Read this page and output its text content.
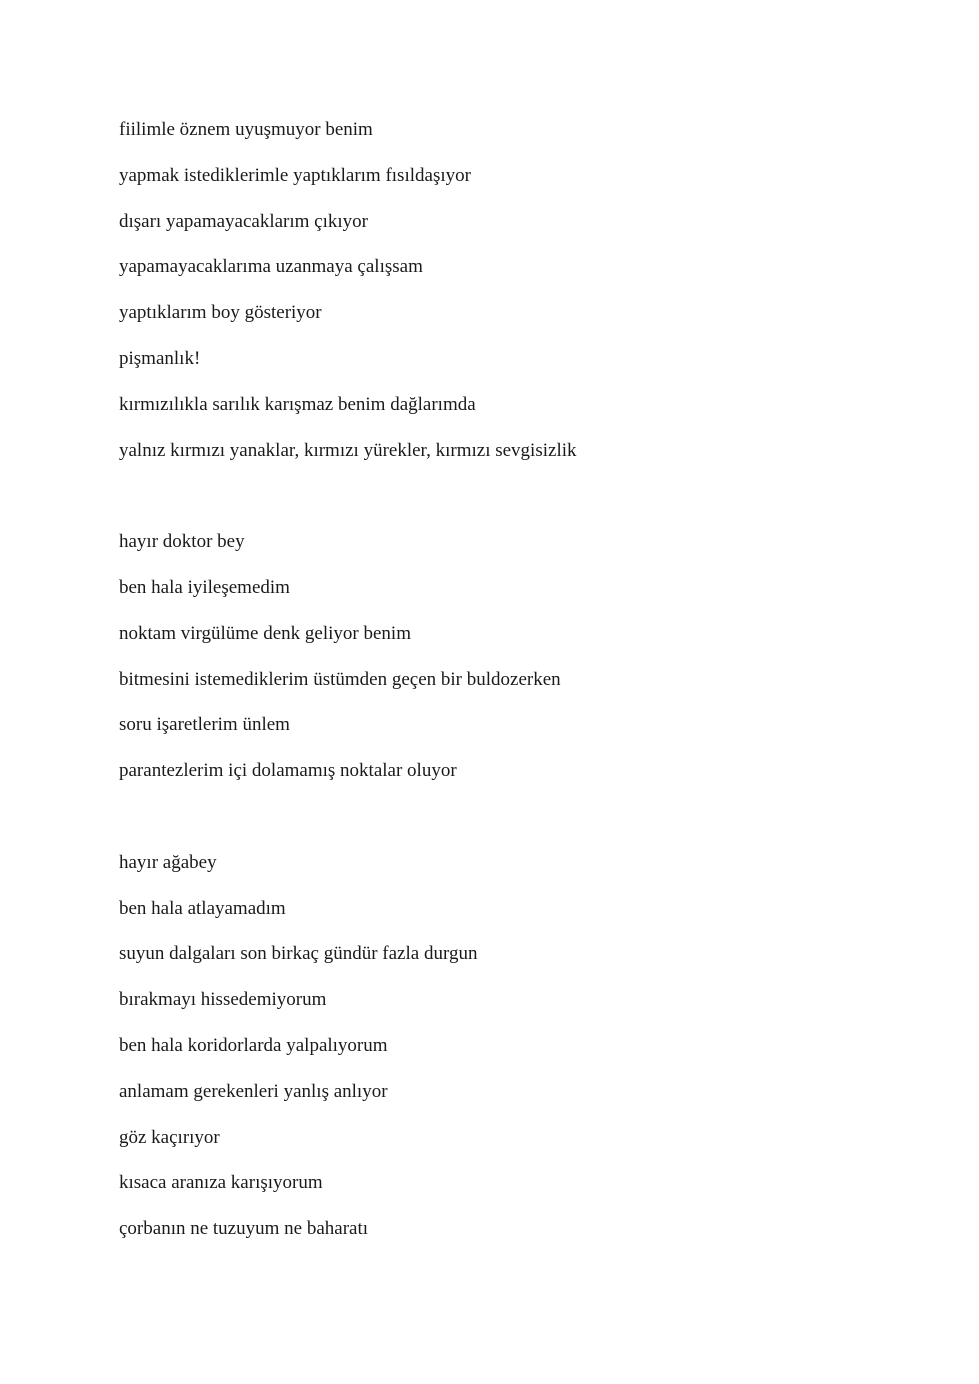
fiilimle öznem uyuşmuyor benim
yapmak istediklerimle yaptıklarım fısıldaşıyor
dışarı yapamayacaklarım çıkıyor
yapamayacaklarıma uzanmaya çalışsam
yaptıklarım boy gösteriyor
pişmanlık!
kırmızılıkla sarılık karışmaz benim dağlarımda
yalnız kırmızı yanaklar, kırmızı yürekler, kırmızı sevgisizlik
hayır doktor bey
ben hala iyileşemedim
noktam virgülüme denk geliyor benim
bitmesini istemediklerim üstümden geçen bir buldozerken
soru işaretlerim ünlem
parantezlerim içi dolamamış noktalar oluyor
hayır ağabey
ben hala atlayamadım
suyun dalgaları son birkaç gündür fazla durgun
bırakmayı hissedemiyorum
ben hala koridorlarda yalpalıyorum
anlamam gerekenleri yanlış anlıyor
göz kaçırıyor
kısaca aranıza karışıyorum
çorbanın ne tuzuyum ne baharatı
